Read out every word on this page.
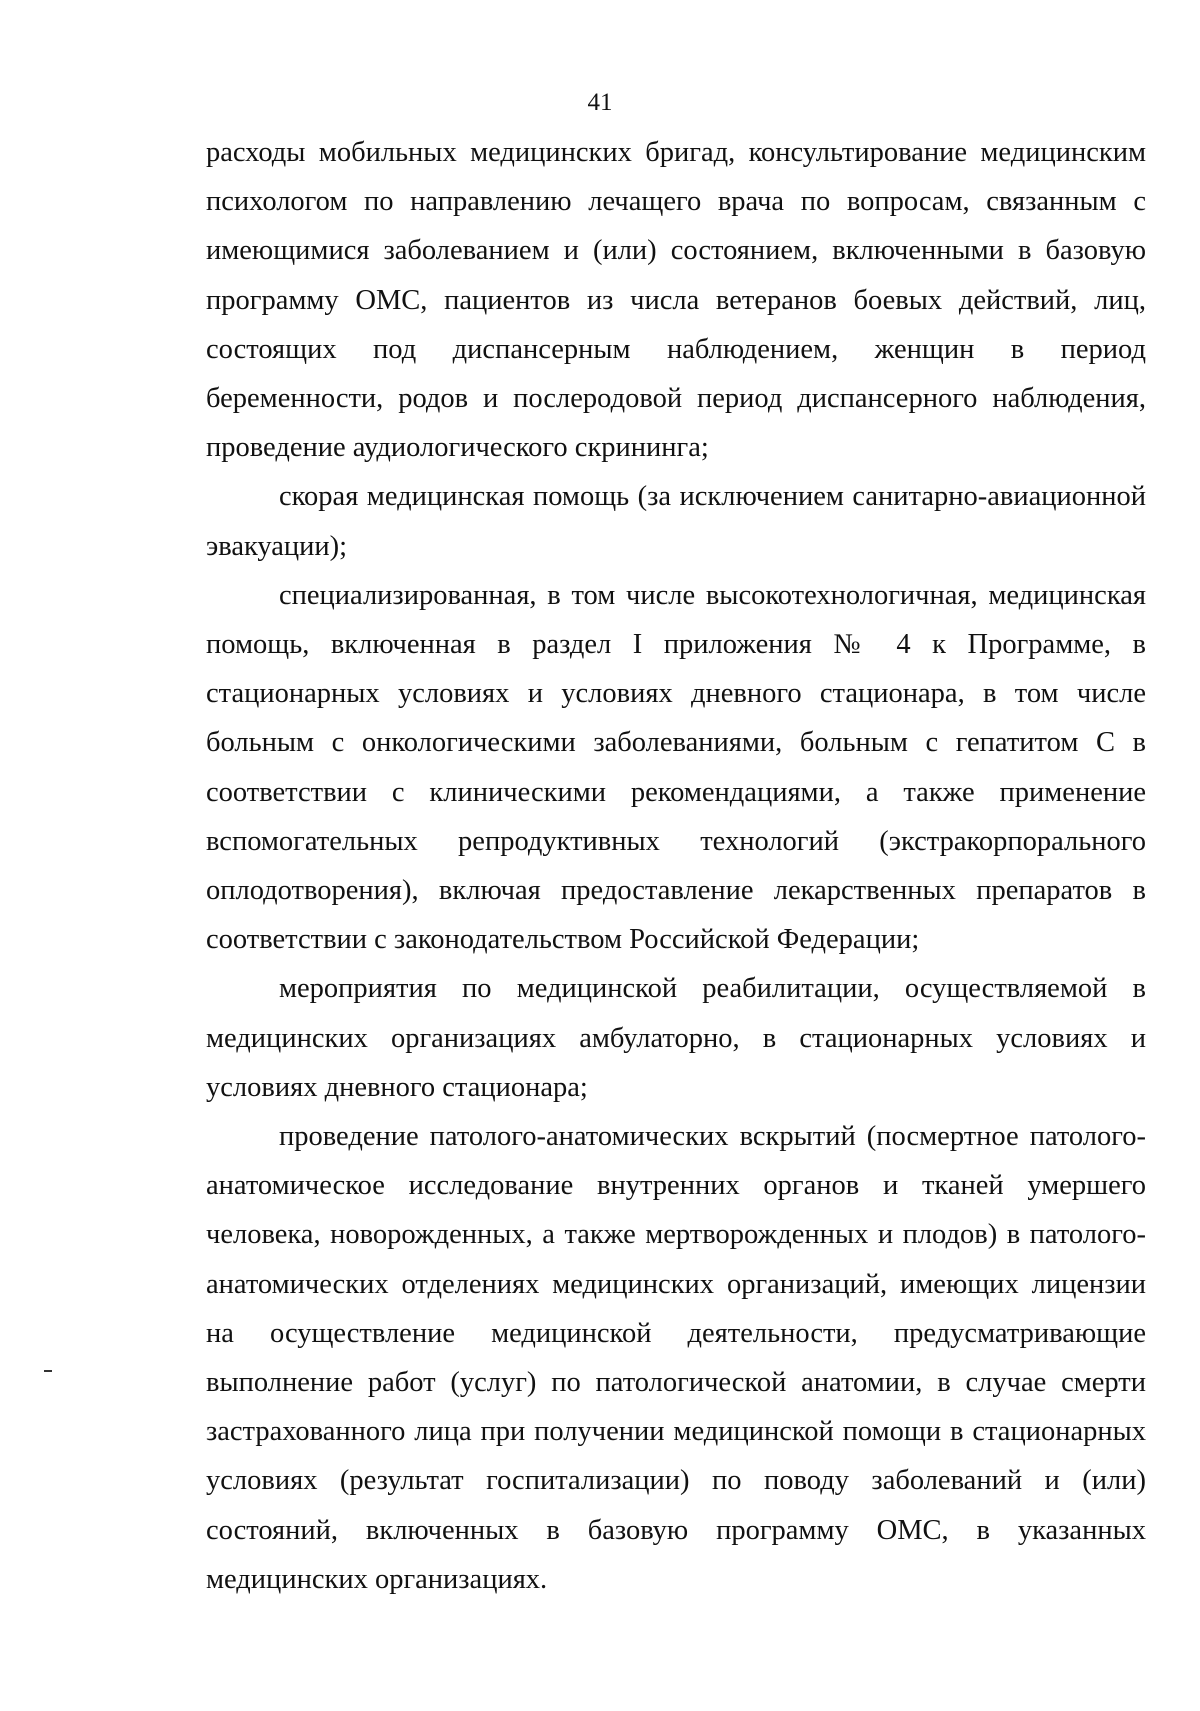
41

расходы мобильных медицинских бригад, консультирование медицинским психологом по направлению лечащего врача по вопросам, связанным с имеющимися заболеванием и (или) состоянием, включенными в базовую программу ОМС, пациентов из числа ветеранов боевых действий, лиц, состоящих под диспансерным наблюдением, женщин в период беременности, родов и послеродовой период диспансерного наблюдения, проведение аудиологического скрининга;

скорая медицинская помощь (за исключением санитарно-авиационной эвакуации);

специализированная, в том числе высокотехнологичная, медицинская помощь, включенная в раздел I приложения № 4 к Программе, в стационарных условиях и условиях дневного стационара, в том числе больным с онкологическими заболеваниями, больным с гепатитом С в соответствии с клиническими рекомендациями, а также применение вспомогательных репродуктивных технологий (экстракорпорального оплодотворения), включая предоставление лекарственных препаратов в соответствии с законодательством Российской Федерации;

мероприятия по медицинской реабилитации, осуществляемой в медицинских организациях амбулаторно, в стационарных условиях и условиях дневного стационара;

проведение патолого-анатомических вскрытий (посмертное патолого-анатомическое исследование внутренних органов и тканей умершего человека, новорожденных, а также мертворожденных и плодов) в патолого-анатомических отделениях медицинских организаций, имеющих лицензии на осуществление медицинской деятельности, предусматривающие выполнение работ (услуг) по патологической анатомии, в случае смерти застрахованного лица при получении медицинской помощи в стационарных условиях (результат госпитализации) по поводу заболеваний и (или) состояний, включенных в базовую программу ОМС, в указанных медицинских организациях.
